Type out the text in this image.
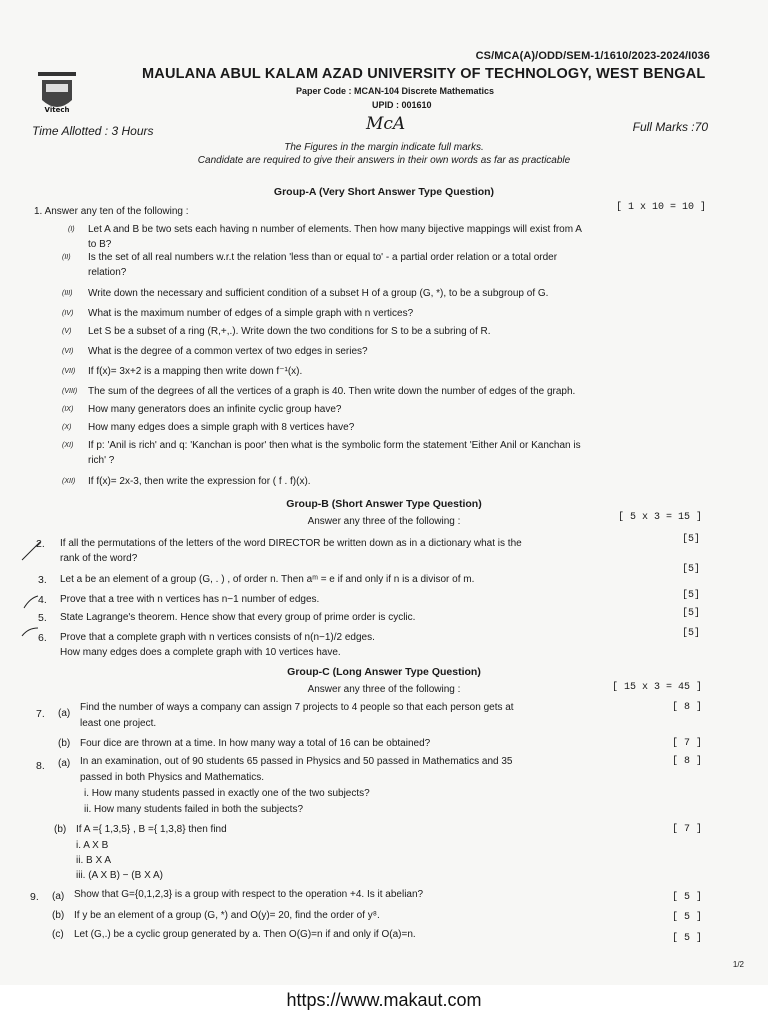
CS/MCA(A)/ODD/SEM-1/1610/2023-2024/I036
Vitech
MAULANA ABUL KALAM AZAD UNIVERSITY OF TECHNOLOGY, WEST BENGAL
Paper Code : MCAN-104 Discrete Mathematics
UPID : 001610
McA
Time Allotted : 3 Hours	Full Marks :70
The Figures in the margin indicate full marks.
Candidate are required to give their answers in their own words as far as practicable
Group-A (Very Short Answer Type Question)
1. Answer any ten of the following :	[ 1 x 10 = 10 ]
(I) Let A and B be two sets each having n number of elements. Then how many bijective mappings will exist from A
to B?
(II) Is the set of all real numbers w.r.t the relation 'less than or equal to' - a partial order relation or a total order
relation?
(III) Write down the necessary and sufficient condition of a subset H of a group (G, *), to be a subgroup of G.
(IV) What is the maximum number of edges of a simple graph with n vertices?
(V) Let S be a subset of a ring (R,+,.). Write down the two conditions for S to be a subring of R.
(VI) What is the degree of a common vertex of two edges in series?
(VII) If f(x)= 3x+2 is a mapping then write down f⁻¹(x).
(VIII) The sum of the degrees of all the vertices of a graph is 40. Then write down the number of edges of the graph.
(IX) How many generators does an infinite cyclic group have?
(X) How many edges does a simple graph with 8 vertices have?
(XI) If p: 'Anil is rich' and q: 'Kanchan is poor' then what is the symbolic form the statement 'Either Anil or Kanchan is
rich' ?
(XII) If f(x)= 2x-3, then write the expression for ( f . f)(x).
Group-B (Short Answer Type Question)
Answer any three of the following :	[ 5 x 3 = 15 ]
2. If all the permutations of the letters of the word DIRECTOR be written down as in a dictionary what is the
rank of the word?
[5]
3. Let a be an element of a group (G, . ) , of order n. Then aᵐ = e if and only if n is a divisor of m.
[5]
4. Prove that a tree with n vertices has n−1 number of edges.	[5]
5. State Lagrange's theorem. Hence show that every group of prime order is cyclic.	[5]
6. Prove that a complete graph with n vertices consists of n(n−1)/2 edges.
How many edges does a complete graph with 10 vertices have.
[5]
Group-C (Long Answer Type Question)
Answer any three of the following :	[ 15 x 3 = 45 ]
7. (a)
Find the number of ways a company can assign 7 projects to 4 people so that each person gets at
least one project.
[ 8 ]
(b) Four dice are thrown at a time. In how many way a total of 16 can be obtained?	[ 7 ]
8. (a) In an examination, out of 90 students 65 passed in Physics and 50 passed in Mathematics and 35
passed in both Physics and Mathematics.
i. How many students passed in exactly one of the two subjects?
ii. How many students failed in both the subjects?
[ 8 ]
(b) If A ={ 1,3,5} , B ={ 1,3,8} then find
i. A X B
ii. B X A
iii. (A X B) − (B X A)
[ 7 ]
9. (a) Show that G={0,1,2,3} is a group with respect to the operation +4. Is it abelian?	[ 5 ]
(b) If y be an element of a group (G, *) and O(y)= 20, find the order of y⁸.	[ 5 ]
(c) Let (G,.) be a cyclic group generated by a. Then O(G)=n if and only if O(a)=n.	[ 5 ]
1/2
https://www.makaut.com
